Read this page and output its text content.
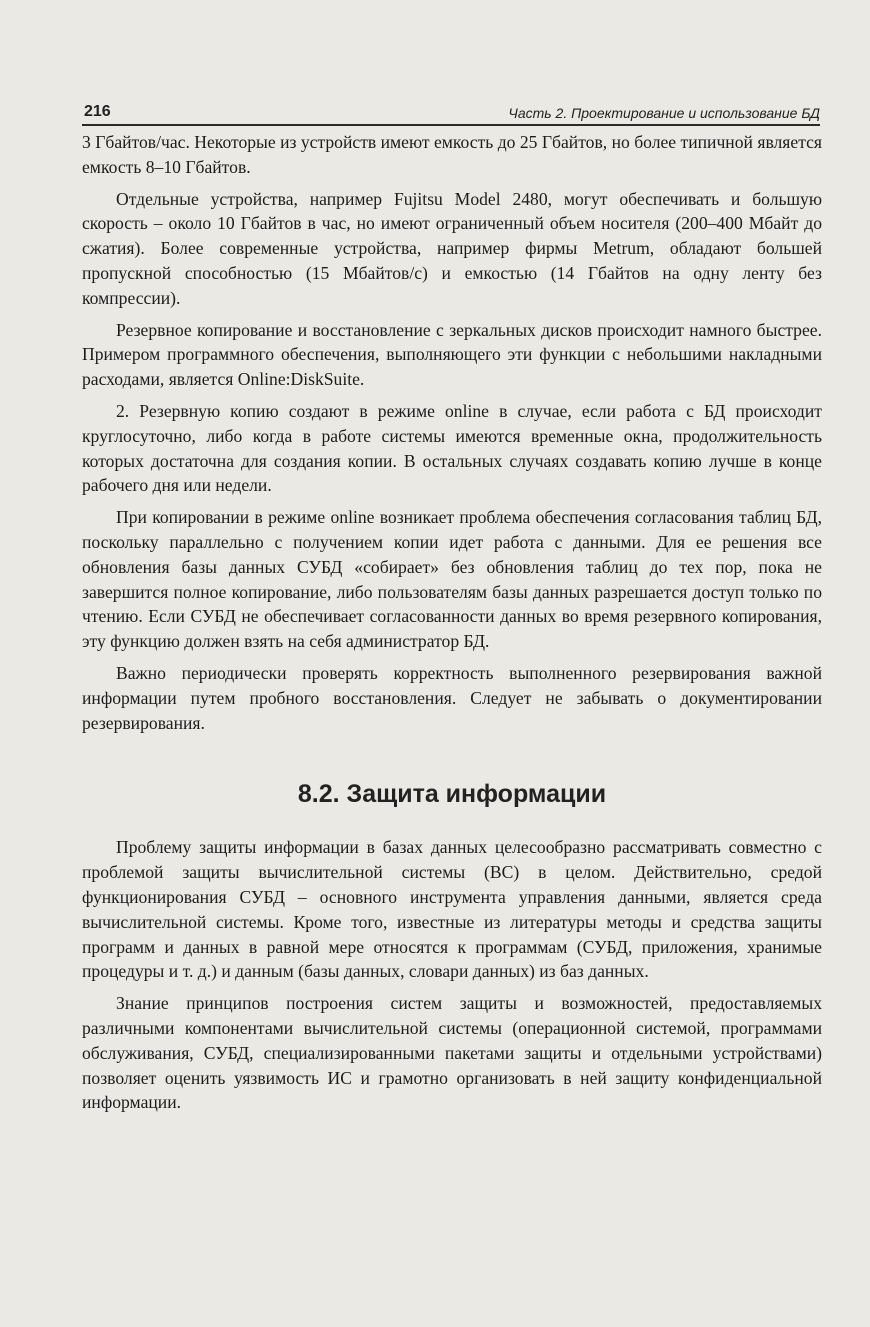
216	Часть 2. Проектирование и использование БД

3 Гбайтов/час. Некоторые из устройств имеют емкость до 25 Гбайтов, но более типичной является емкость 8–10 Гбайтов.

Отдельные устройства, например Fujitsu Model 2480, могут обеспечивать и большую скорость – около 10 Гбайтов в час, но имеют ограниченный объем носителя (200–400 Мбайт до сжатия). Более современные устройства, например фирмы Metrum, обладают большей пропускной способностью (15 Мбайтов/с) и емкостью (14 Гбайтов на одну ленту без компрессии).

Резервное копирование и восстановление с зеркальных дисков происходит намного быстрее. Примером программного обеспечения, выполняющего эти функции с небольшими накладными расходами, является Online:DiskSuite.

2. Резервную копию создают в режиме online в случае, если работа с БД происходит круглосуточно, либо когда в работе системы имеются временные окна, продолжительность которых достаточна для создания копии. В остальных случаях создавать копию лучше в конце рабочего дня или недели.

При копировании в режиме online возникает проблема обеспечения согласования таблиц БД, поскольку параллельно с получением копии идет работа с данными. Для ее решения все обновления базы данных СУБД «собирает» без обновления таблиц до тех пор, пока не завершится полное копирование, либо пользователям базы данных разрешается доступ только по чтению. Если СУБД не обеспечивает согласованности данных во время резервного копирования, эту функцию должен взять на себя администратор БД.

Важно периодически проверять корректность выполненного резервирования важной информации путем пробного восстановления. Следует не забывать о документировании резервирования.

8.2. Защита информации

Проблему защиты информации в базах данных целесообразно рассматривать совместно с проблемой защиты вычислительной системы (ВС) в целом. Действительно, средой функционирования СУБД – основного инструмента управления данными, является среда вычислительной системы. Кроме того, известные из литературы методы и средства защиты программ и данных в равной мере относятся к программам (СУБД, приложения, хранимые процедуры и т. д.) и данным (базы данных, словари данных) из баз данных.

Знание принципов построения систем защиты и возможностей, предоставляемых различными компонентами вычислительной системы (операционной системой, программами обслуживания, СУБД, специализированными пакетами защиты и отдельными устройствами) позволяет оценить уязвимость ИС и грамотно организовать в ней защиту конфиденциальной информации.
